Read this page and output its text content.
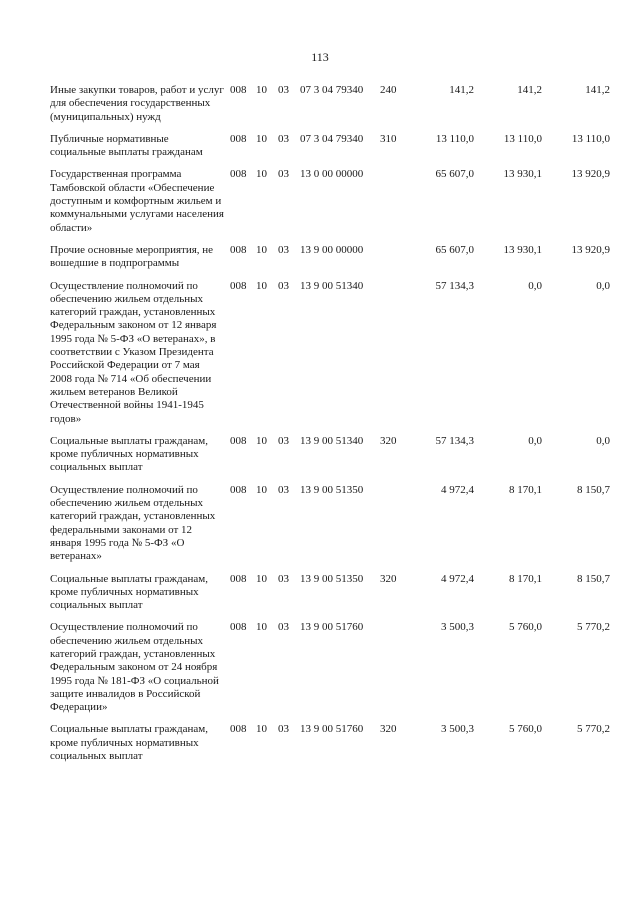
113
Иные закупки товаров, работ и услуг для обеспечения государственных (муниципальных) нужд	008	10	03	07 3 04 79340	240	141,2	141,2	141,2
Публичные нормативные социальные выплаты гражданам	008	10	03	07 3 04 79340	310	13 110,0	13 110,0	13 110,0
Государственная программа Тамбовской области «Обеспечение доступным и комфортным жильем и коммунальными услугами населения области»	008	10	03	13 0 00 00000		65 607,0	13 930,1	13 920,9
Прочие основные мероприятия, не вошедшие в подпрограммы	008	10	03	13 9 00 00000		65 607,0	13 930,1	13 920,9
Осуществление полномочий по обеспечению жильем отдельных категорий граждан, установленных Федеральным законом от 12 января 1995 года № 5-ФЗ «О ветеранах», в соответствии с Указом Президента Российской Федерации от 7 мая 2008 года № 714 «Об обеспечении жильем ветеранов Великой Отечественной войны 1941-1945 годов»	008	10	03	13 9 00 51340		57 134,3	0,0	0,0
Социальные выплаты гражданам, кроме публичных нормативных социальных выплат	008	10	03	13 9 00 51340	320	57 134,3	0,0	0,0
Осуществление полномочий по обеспечению жильем отдельных категорий граждан, установленных федеральными законами от 12 января 1995 года № 5-ФЗ «О ветеранах»	008	10	03	13 9 00 51350		4 972,4	8 170,1	8 150,7
Социальные выплаты гражданам, кроме публичных нормативных социальных выплат	008	10	03	13 9 00 51350	320	4 972,4	8 170,1	8 150,7
Осуществление полномочий по обеспечению жильем отдельных категорий граждан, установленных Федеральным законом от 24 ноября 1995 года № 181-ФЗ «О социальной защите инвалидов в Российской Федерации»	008	10	03	13 9 00 51760		3 500,3	5 760,0	5 770,2
Социальные выплаты гражданам, кроме публичных нормативных социальных выплат	008	10	03	13 9 00 51760	320	3 500,3	5 760,0	5 770,2
